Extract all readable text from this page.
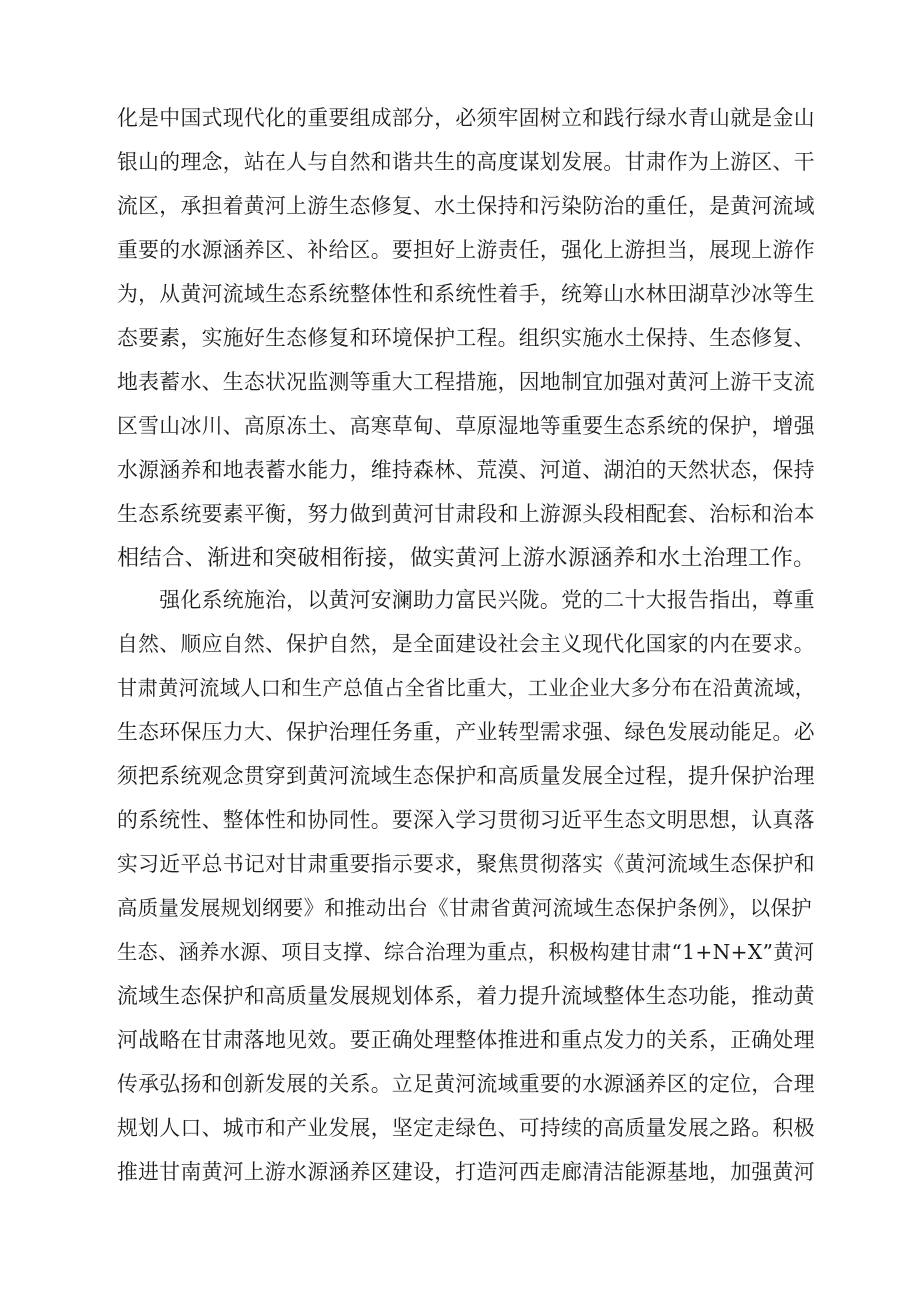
化是中国式现代化的重要组成部分，必须牢固树立和践行绿水青山就是金山
银山的理念，站在人与自然和谐共生的高度谋划发展。甘肃作为上游区、干
流区，承担着黄河上游生态修复、水土保持和污染防治的重任，是黄河流域
重要的水源涵养区、补给区。要担好上游责任，强化上游担当，展现上游作
为，从黄河流域生态系统整体性和系统性着手，统筹山水林田湖草沙冰等生
态要素，实施好生态修复和环境保护工程。组织实施水土保持、生态修复、
地表蓄水、生态状况监测等重大工程措施，因地制宜加强对黄河上游干支流
区雪山冰川、高原冻土、高寒草甸、草原湿地等重要生态系统的保护，增强
水源涵养和地表蓄水能力，维持森林、荒漠、河道、湖泊的天然状态，保持
生态系统要素平衡，努力做到黄河甘肃段和上游源头段相配套、治标和治本
相结合、渐进和突破相衔接，做实黄河上游水源涵养和水土治理工作。
　　强化系统施治，以黄河安澜助力富民兴陇。党的二十大报告指出，尊重
自然、顺应自然、保护自然，是全面建设社会主义现代化国家的内在要求。
甘肃黄河流域人口和生产总值占全省比重大，工业企业大多分布在沿黄流域，
生态环保压力大、保护治理任务重，产业转型需求强、绿色发展动能足。必
须把系统观念贯穿到黄河流域生态保护和高质量发展全过程，提升保护治理
的系统性、整体性和协同性。要深入学习贯彻习近平生态文明思想，认真落
实习近平总书记对甘肃重要指示要求，聚焦贯彻落实《黄河流域生态保护和
高质量发展规划纲要》和推动出台《甘肃省黄河流域生态保护条例》，以保护
生态、涵养水源、项目支撑、综合治理为重点，积极构建甘肃“1+N+X”黄河
流域生态保护和高质量发展规划体系，着力提升流域整体生态功能，推动黄
河战略在甘肃落地见效。要正确处理整体推进和重点发力的关系，正确处理
传承弘扬和创新发展的关系。立足黄河流域重要的水源涵养区的定位，合理
规划人口、城市和产业发展，坚定走绿色、可持续的高质量发展之路。积极
推进甘南黄河上游水源涵养区建设，打造河西走廊清洁能源基地，加强黄河
